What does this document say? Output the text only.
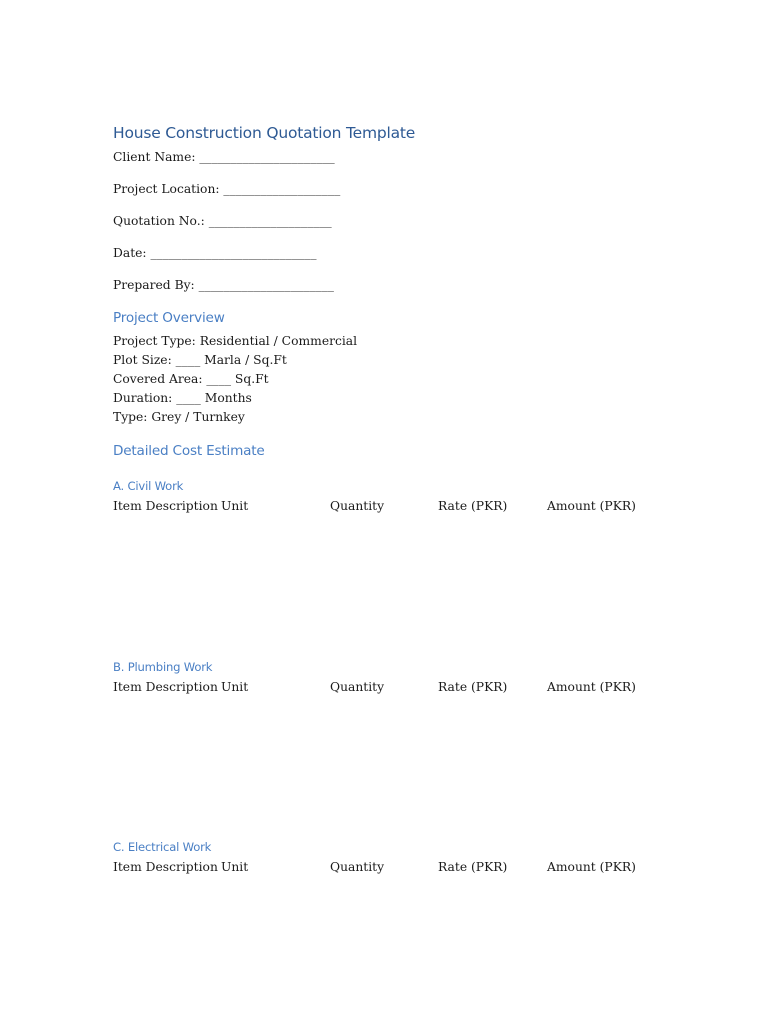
House Construction Quotation Template
Client Name: ______________________
Project Location: ___________________
Quotation No.: ____________________
Date: ___________________________
Prepared By: ______________________
Project Overview
Project Type: Residential / Commercial
Plot Size: ____ Marla / Sq.Ft
Covered Area: ____ Sq.Ft
Duration: ____ Months
Type: Grey / Turnkey
Detailed Cost Estimate
A. Civil Work
Item Description Unit	Quantity	Rate (PKR)	Amount (PKR)
B. Plumbing Work
Item Description Unit	Quantity	Rate (PKR)	Amount (PKR)
C. Electrical Work
Item Description Unit	Quantity	Rate (PKR)	Amount (PKR)
